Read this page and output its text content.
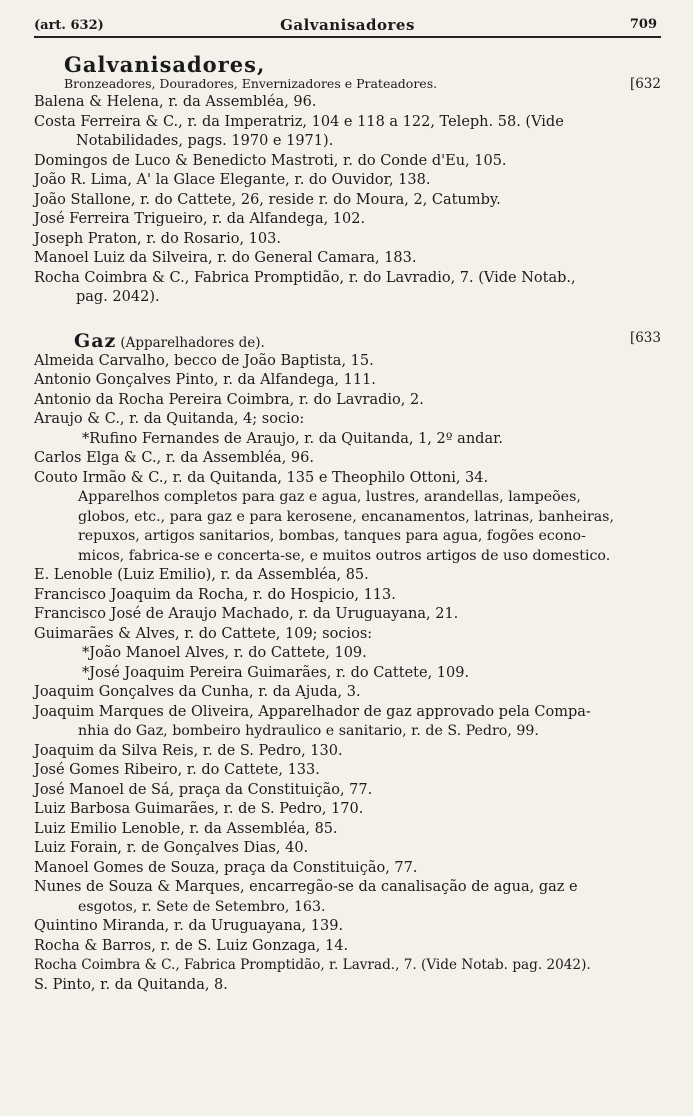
(art. 632)	Galvanisadores	709
Galvanisadores,
Bronzeadores, Douradores, Envernizadores e Prateadores.	[632
Balena & Helena, r. da Assembléa, 96.
Costa Ferreira & C., r. da Imperatriz, 104 e 118 a 122, Teleph. 58. (Vide
Notabilidades, pags. 1970 e 1971).
Domingos de Luco & Benedicto Mastroti, r. do Conde d'Eu, 105.
João R. Lima, A' la Glace Elegante, r. do Ouvidor, 138.
João Stallone, r. do Cattete, 26, reside r. do Moura, 2, Catumby.
José Ferreira Trigueiro, r. da Alfandega, 102.
Joseph Praton, r. do Rosario, 103.
Manoel Luiz da Silveira, r. do General Camara, 183.
Rocha Coimbra & C., Fabrica Promptidão, r. do Lavradio, 7. (Vide Notab.,
pag. 2042).
Gaz (Apparelhadores de).	[633
Almeida Carvalho, becco de João Baptista, 15.
Antonio Gonçalves Pinto, r. da Alfandega, 111.
Antonio da Rocha Pereira Coimbra, r. do Lavradio, 2.
Araujo & C., r. da Quitanda, 4; socio:
*Rufino Fernandes de Araujo, r. da Quitanda, 1, 2º andar.
Carlos Elga & C., r. da Assembléa, 96.
Couto Irmão & C., r. da Quitanda, 135 e Theophilo Ottoni, 34.
Apparelhos completos para gaz e agua, lustres, arandellas, lampeões,
globos, etc., para gaz e para kerosene, encanamentos, latrinas, banheiras,
repuxos, artigos sanitarios, bombas, tanques para agua, fogões econo-
micos, fabrica-se e concerta-se, e muitos outros artigos de uso domestico.
E. Lenoble (Luiz Emilio), r. da Assembléa, 85.
Francisco Joaquim da Rocha, r. do Hospicio, 113.
Francisco José de Araujo Machado, r. da Uruguayana, 21.
Guimarães & Alves, r. do Cattete, 109; socios:
*João Manoel Alves, r. do Cattete, 109.
*José Joaquim Pereira Guimarães, r. do Cattete, 109.
Joaquim Gonçalves da Cunha, r. da Ajuda, 3.
Joaquim Marques de Oliveira, Apparelhador de gaz approvado pela Compa-
nhia do Gaz, bombeiro hydraulico e sanitario, r. de S. Pedro, 99.
Joaquim da Silva Reis, r. de S. Pedro, 130.
José Gomes Ribeiro, r. do Cattete, 133.
José Manoel de Sá, praça da Constituição, 77.
Luiz Barbosa Guimarães, r. de S. Pedro, 170.
Luiz Emilio Lenoble, r. da Assembléa, 85.
Luiz Forain, r. de Gonçalves Dias, 40.
Manoel Gomes de Souza, praça da Constituição, 77.
Nunes de Souza & Marques, encarregão-se da canalisação de agua, gaz e
esgotos, r. Sete de Setembro, 163.
Quintino Miranda, r. da Uruguayana, 139.
Rocha & Barros, r. de S. Luiz Gonzaga, 14.
Rocha Coimbra & C., Fabrica Promptidão, r. Lavrad., 7. (Vide Notab. pag. 2042).
S. Pinto, r. da Quitanda, 8.
